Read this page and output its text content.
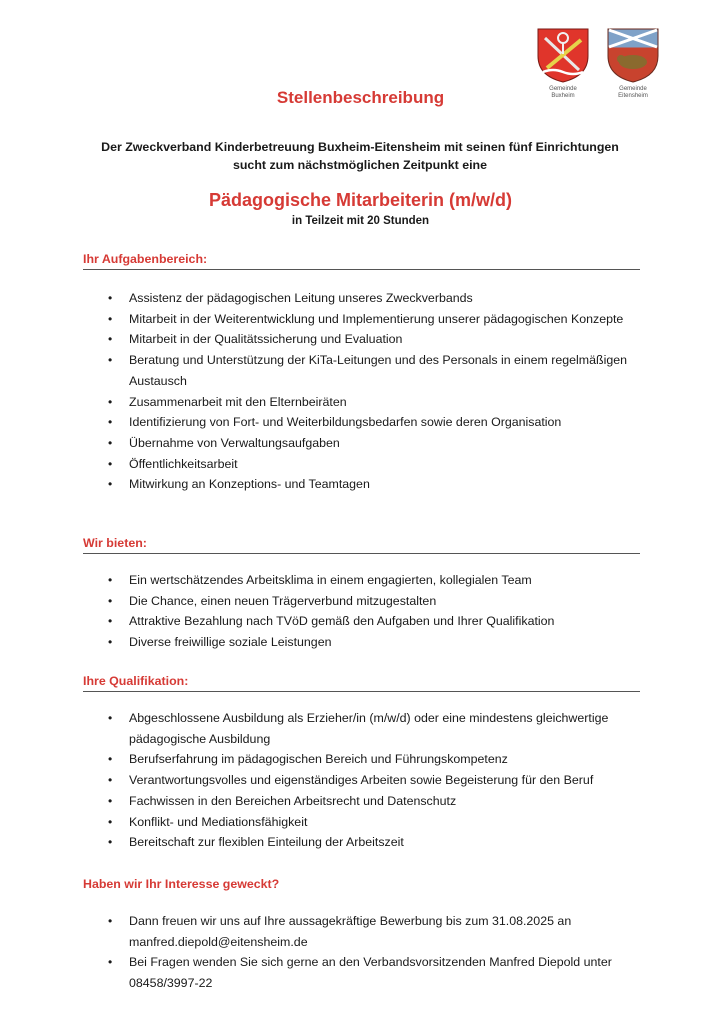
Gemeinde
Buxheim
Gemeinde
Eitensheim
Stellenbeschreibung
Der Zweckverband Kinderbetreuung Buxheim-Eitensheim mit seinen fünf Einrichtungen
sucht zum nächstmöglichen Zeitpunkt eine
Pädagogische Mitarbeiterin (m/w/d)
in Teilzeit mit 20 Stunden
Ihr Aufgabenbereich:
• Assistenz der pädagogischen Leitung unseres Zweckverbands
• Mitarbeit in der Weiterentwicklung und Implementierung unserer pädagogischen Konzepte
• Mitarbeit in der Qualitätssicherung und Evaluation
• Beratung und Unterstützung der KiTa-Leitungen und des Personals in einem regelmäßigen Austausch
• Zusammenarbeit mit den Elternbeiräten
• Identifizierung von Fort- und Weiterbildungsbedarfen sowie deren Organisation
• Übernahme von Verwaltungsaufgaben
• Öffentlichkeitsarbeit
• Mitwirkung an Konzeptions- und Teamtagen
Wir bieten:
• Ein wertschätzendes Arbeitsklima in einem engagierten, kollegialen Team
• Die Chance, einen neuen Trägerverbund mitzugestalten
• Attraktive Bezahlung nach TVöD gemäß den Aufgaben und Ihrer Qualifikation
• Diverse freiwillige soziale Leistungen
Ihre Qualifikation:
• Abgeschlossene Ausbildung als Erzieher/in (m/w/d) oder eine mindestens gleichwertige pädagogische Ausbildung
• Berufserfahrung im pädagogischen Bereich und Führungskompetenz
• Verantwortungsvolles und eigenständiges Arbeiten sowie Begeisterung für den Beruf
• Fachwissen in den Bereichen Arbeitsrecht und Datenschutz
• Konflikt- und Mediationsfähigkeit
• Bereitschaft zur flexiblen Einteilung der Arbeitszeit
Haben wir Ihr Interesse geweckt?
• Dann freuen wir uns auf Ihre aussagekräftige Bewerbung bis zum 31.08.2025 an manfred.diepold@eitensheim.de
• Bei Fragen wenden Sie sich gerne an den Verbandsvorsitzenden Manfred Diepold unter 08458/3997-22
